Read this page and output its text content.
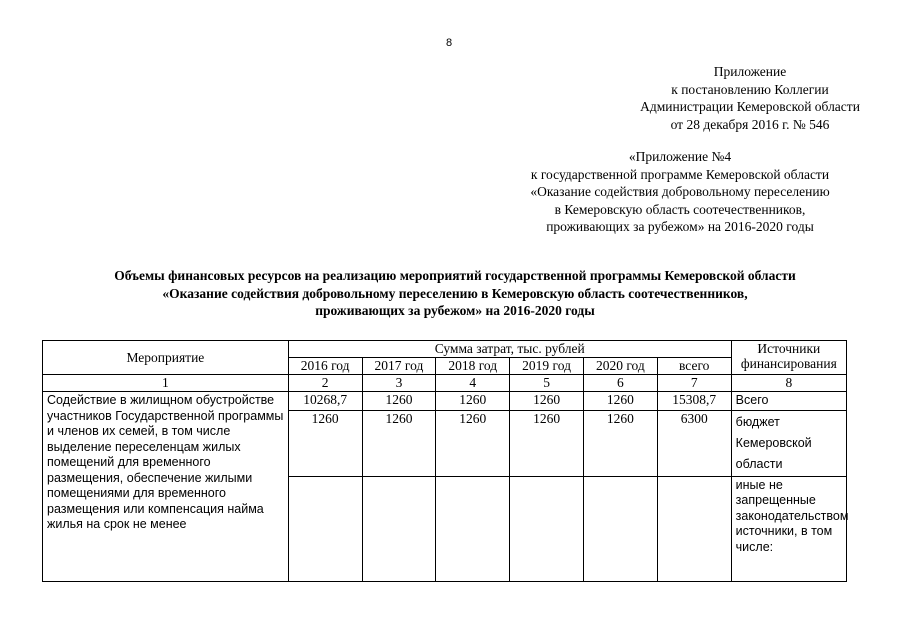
8
Приложение
к постановлению Коллегии
Администрации Кемеровской области
от 28 декабря 2016 г. № 546
«Приложение №4
к государственной программе Кемеровской области
«Оказание содействия добровольному переселению
в Кемеровскую область соотечественников,
проживающих за рубежом» на 2016-2020 годы
Объемы финансовых ресурсов на реализацию мероприятий государственной программы Кемеровской области
«Оказание содействия добровольному переселению в Кемеровскую область соотечественников,
проживающих за рубежом» на 2016-2020 годы
Мероприятие	Сумма затрат, тыс. рублей						Источники финансирования
	2016 год	2017 год	2018 год	2019 год	2020 год	всего	
1	2	3	4	5	6	7	8
Содействие в жилищном обустройстве участников Государственной программы и членов их семей, в том числе выделение переселенцам жилых помещений для временного размещения, обеспечение жилыми помещениями для временного размещения или компенсация найма жилья на срок не менее	10268,7	1260	1260	1260	1260	15308,7	Всего
	1260	1260	1260	1260	1260	6300	бюджет Кемеровской области
							иные не запрещенные законодательством источники, в том числе:
